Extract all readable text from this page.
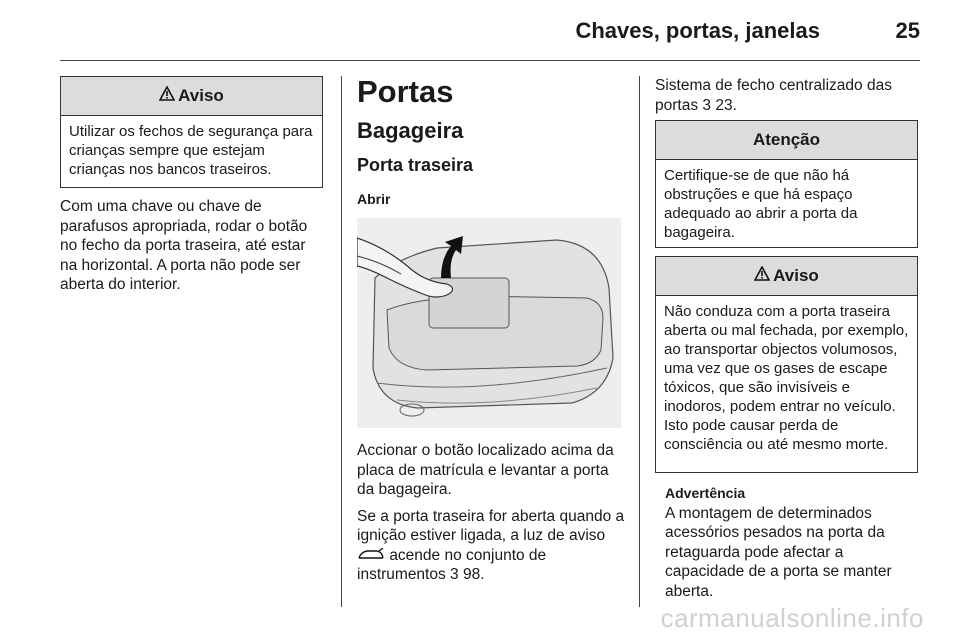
Chaves, portas, janelas	25
Aviso
Utilizar os fechos de segurança para crianças sempre que estejam crianças nos bancos traseiros.
Com uma chave ou chave de parafusos apropriada, rodar o botão no fecho da porta traseira, até estar na horizontal. A porta não pode ser aberta do interior.
Portas
Bagageira
Porta traseira
Abrir

Accionar o botão localizado acima da placa de matrícula e levantar a porta da bagageira.

Se a porta traseira for aberta quando a ignição estiver ligada, a luz de aviso  acende no conjunto de instrumentos 3 98.

Sistema de fecho centralizado das portas 3 23.
Atenção
Certifique-se de que não há obstruções e que há espaço adequado ao abrir a porta da bagageira.
Aviso
Não conduza com a porta traseira aberta ou mal fechada, por exemplo, ao transportar objectos volumosos, uma vez que os gases de escape tóxicos, que são invisíveis e inodoros, podem entrar no veículo. Isto pode causar perda de consciência ou até mesmo morte.
Advertência
A montagem de determinados acessórios pesados na porta da retaguarda pode afectar a capacidade de a porta se manter aberta.
carmanualsonline.info
